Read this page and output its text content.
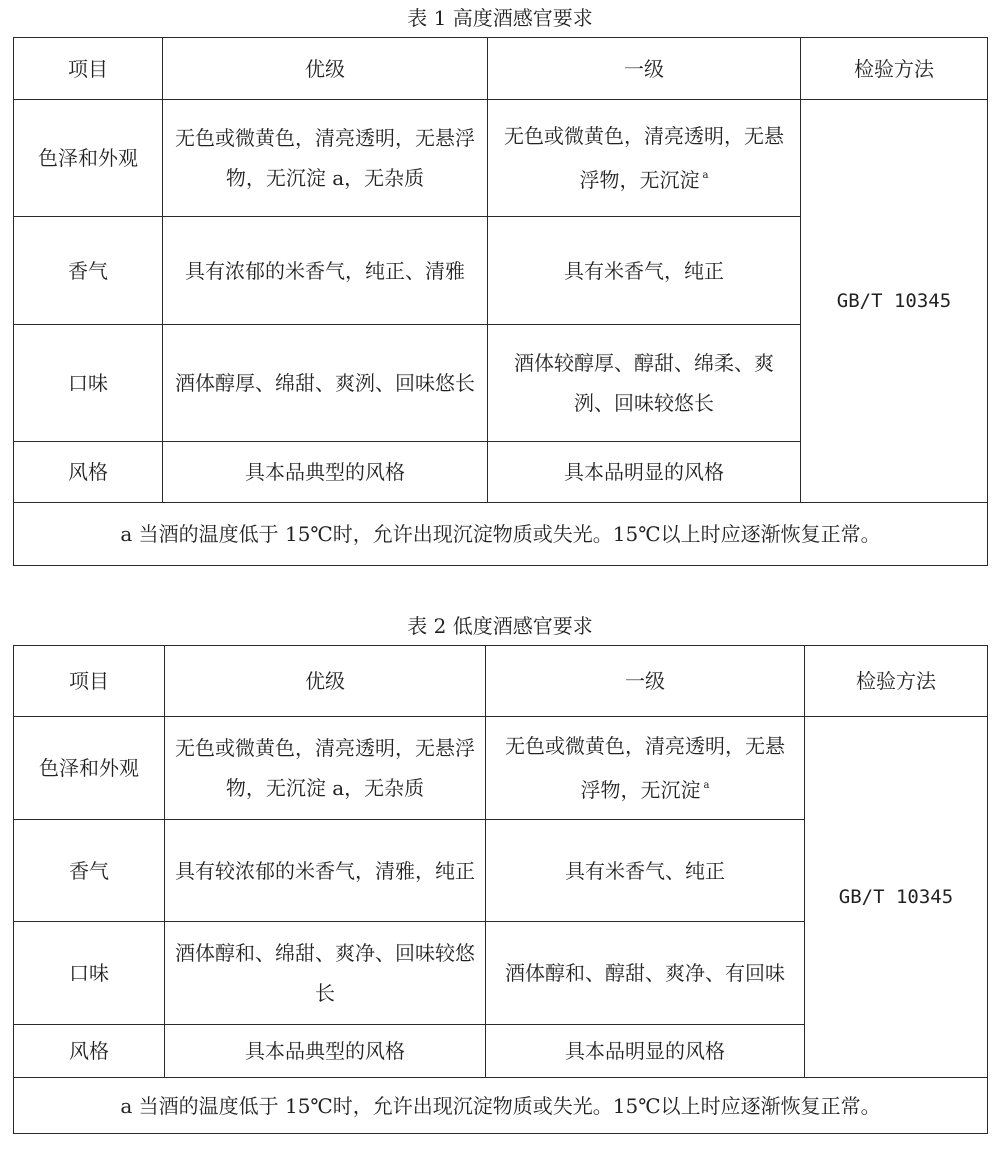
表 1 高度酒感官要求
项目	优级	一级	检验方法
色泽和外观	无色或微黄色，清亮透明，无悬浮物，无沉淀 a，无杂质	无色或微黄色，清亮透明，无悬浮物，无沉淀 $^a$	GB/T 10345
香气	具有浓郁的米香气，纯正、清雅	具有米香气，纯正	
口味	酒体醇厚、绵甜、爽洌、回味悠长	酒体较醇厚、醇甜、绵柔、爽洌、回味较悠长	
风格	具本品典型的风格	具本品明显的风格	
a 当酒的温度低于 15℃时，允许出现沉淀物质或失光。15℃以上时应逐渐恢复正常。			
表 2 低度酒感官要求
项目	优级	一级	检验方法
色泽和外观	无色或微黄色，清亮透明，无悬浮物，无沉淀 a，无杂质	无色或微黄色，清亮透明，无悬浮物，无沉淀 $^a$	GB/T 10345
香气	具有较浓郁的米香气，清雅，纯正	具有米香气、纯正	
口味	酒体醇和、绵甜、爽净、回味较悠长	酒体醇和、醇甜、爽净、有回味	
风格	具本品典型的风格	具本品明显的风格	
a 当酒的温度低于 15℃时，允许出现沉淀物质或失光。15℃以上时应逐渐恢复正常。			
